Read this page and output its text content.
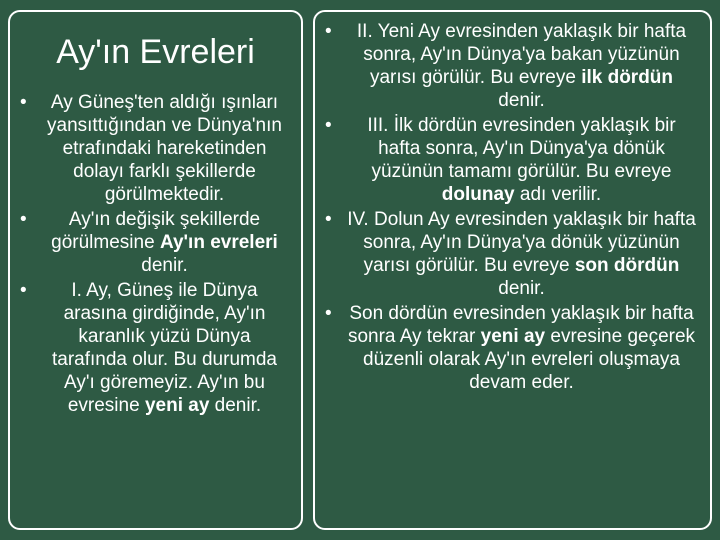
Ay'ın Evreleri
• Ay Güneş'ten aldığı ışınları yansıttığından ve Dünya'nın etrafındaki hareketinden dolayı farklı şekillerde görülmektedir.
• Ay'ın değişik şekillerde görülmesine Ay'ın evreleri denir.
• I. Ay, Güneş ile Dünya arasına girdiğinde, Ay'ın karanlık yüzü Dünya tarafında olur. Bu durumda Ay'ı göremeyiz. Ay'ın bu evresine yeni ay denir.
• II. Yeni Ay evresinden yaklaşık bir hafta sonra, Ay'ın Dünya'ya bakan yüzünün yarısı görülür. Bu evreye ilk dördün denir.
• III. İlk dördün evresinden yaklaşık bir hafta sonra, Ay'ın Dünya'ya dönük yüzünün tamamı görülür. Bu evreye dolunay adı verilir.
• IV. Dolun Ay evresinden yaklaşık bir hafta sonra, Ay'ın Dünya'ya dönük yüzünün yarısı görülür. Bu evreye son dördün denir.
• Son dördün evresinden yaklaşık bir hafta sonra Ay tekrar yeni ay evresine geçerek düzenli olarak Ay'ın evreleri oluşmaya devam eder.
